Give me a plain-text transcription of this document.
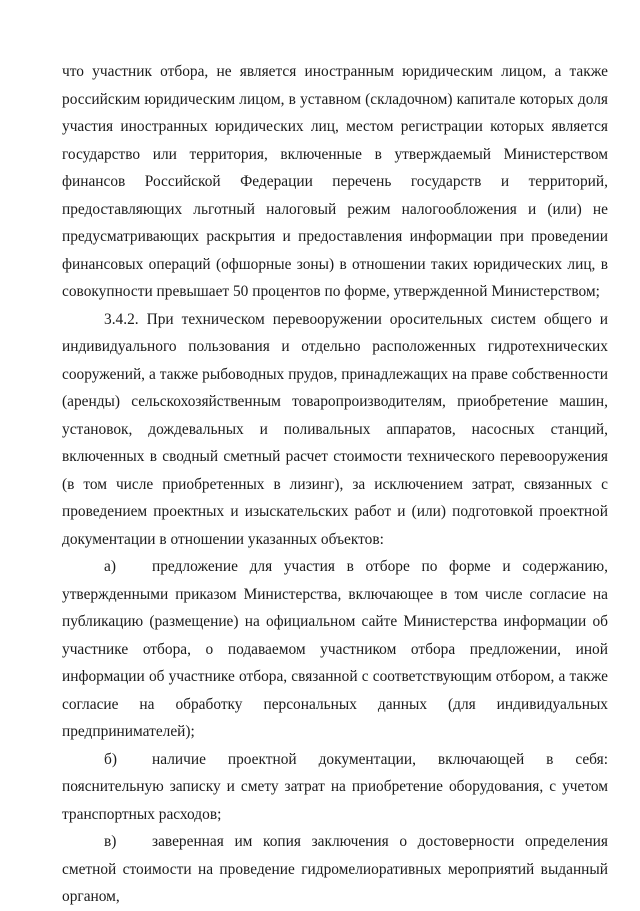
что участник отбора, не является иностранным юридическим лицом, а также российским юридическим лицом, в уставном (складочном) капитале которых доля участия иностранных юридических лиц, местом регистрации которых является государство или территория, включенные в утверждаемый Министерством финансов Российской Федерации перечень государств и территорий, предоставляющих льготный налоговый режим налогообложения и (или) не предусматривающих раскрытия и предоставления информации при проведении финансовых операций (офшорные зоны) в отношении таких юридических лиц, в совокупности превышает 50 процентов по форме, утвержденной Министерством;

3.4.2. При техническом перевооружении оросительных систем общего и индивидуального пользования и отдельно расположенных гидротехнических сооружений, а также рыбоводных прудов, принадлежащих на праве собственности (аренды) сельскохозяйственным товаропроизводителям, приобретение машин, установок, дождевальных и поливальных аппаратов, насосных станций, включенных в сводный сметный расчет стоимости технического перевооружения (в том числе приобретенных в лизинг), за исключением затрат, связанных с проведением проектных и изыскательских работ и (или) подготовкой проектной документации в отношении указанных объектов:

а) предложение для участия в отборе по форме и содержанию, утвержденными приказом Министерства, включающее в том числе согласие на публикацию (размещение) на официальном сайте Министерства информации об участнике отбора, о подаваемом участником отбора предложении, иной информации об участнике отбора, связанной с соответствующим отбором, а также согласие на обработку персональных данных (для индивидуальных предпринимателей);

б) наличие проектной документации, включающей в себя: пояснительную записку и смету затрат на приобретение оборудования, с учетом транспортных расходов;

в) заверенная им копия заключения о достоверности определения сметной стоимости на проведение гидромелиоративных мероприятий выданный органом,
